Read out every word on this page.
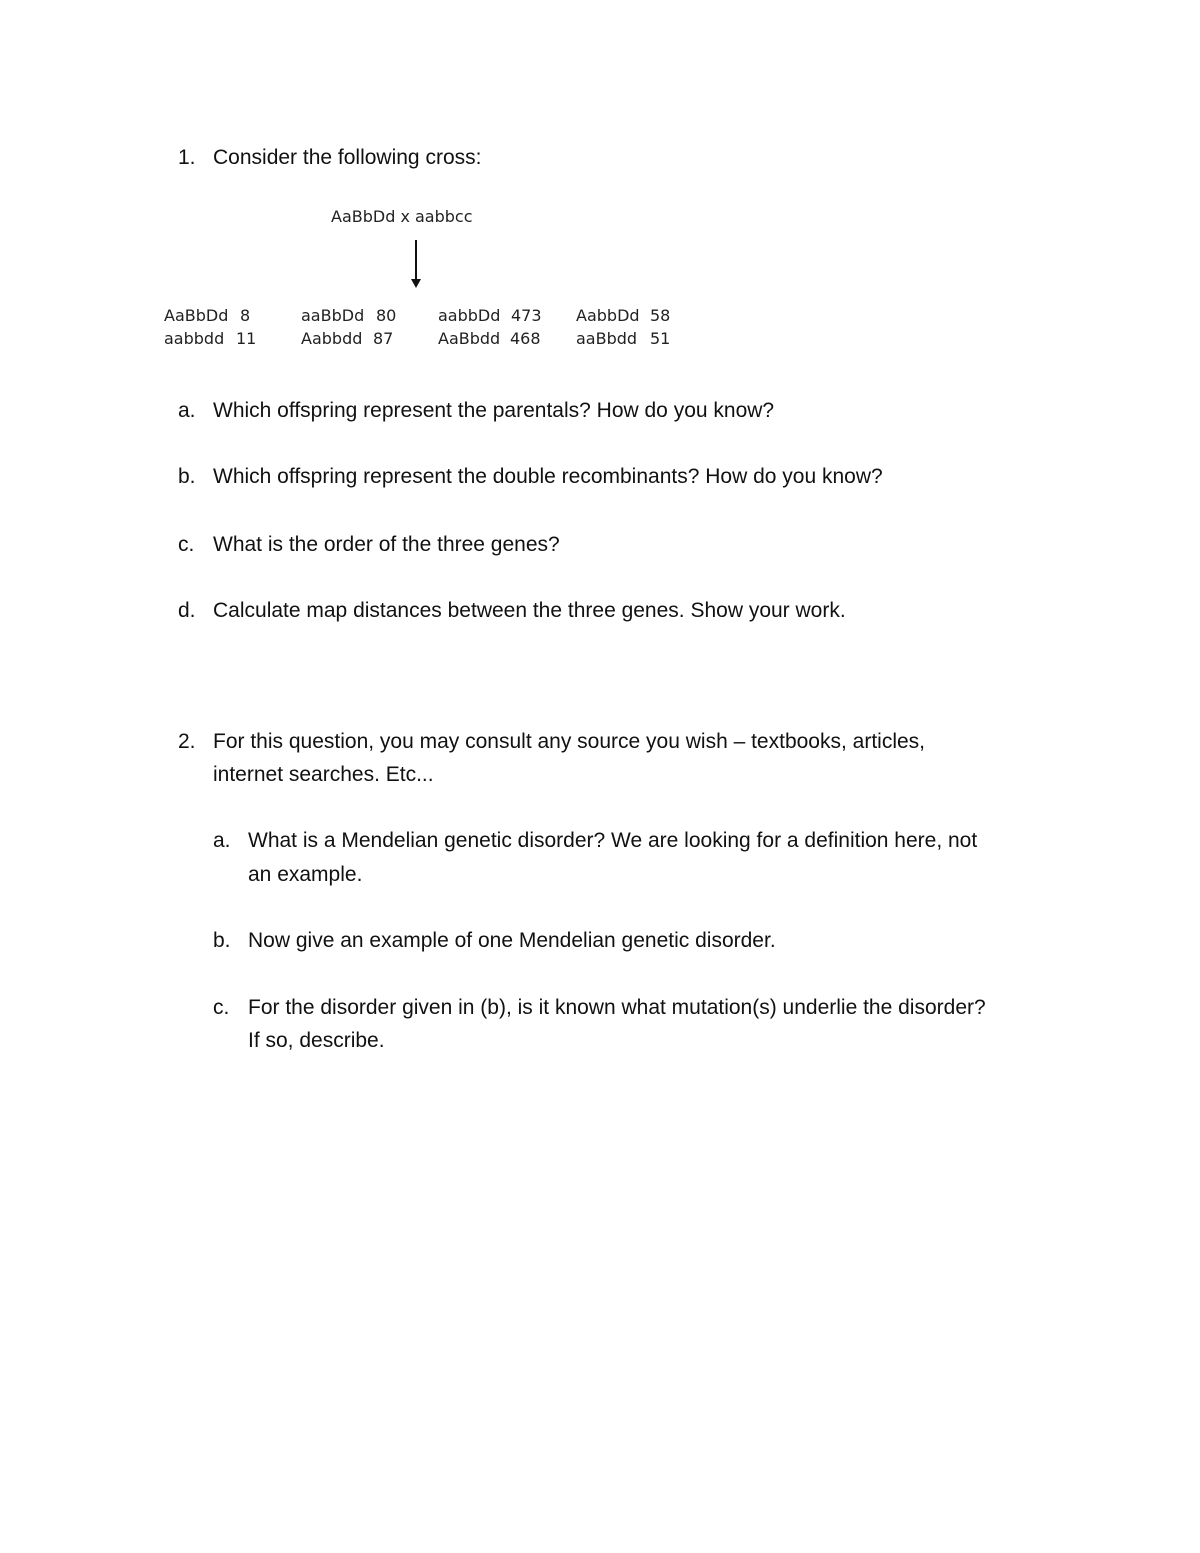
1. Consider the following cross:
AaBbDd x aabbcc
AaBbDd 8
aabbdd 11
aaBbDd 80
Aabbdd 87
aabbDd 473
AaBbdd 468
AabbDd 58
aaBbdd 51
a. Which offspring represent the parentals? How do you know?
b. Which offspring represent the double recombinants? How do you know?
c. What is the order of the three genes?
d. Calculate map distances between the three genes. Show your work.
2. For this question, you may consult any source you wish – textbooks, articles,
internet searches. Etc...
a. What is a Mendelian genetic disorder? We are looking for a definition here, not
an example.
b. Now give an example of one Mendelian genetic disorder.
c. For the disorder given in (b), is it known what mutation(s) underlie the disorder?
If so, describe.
